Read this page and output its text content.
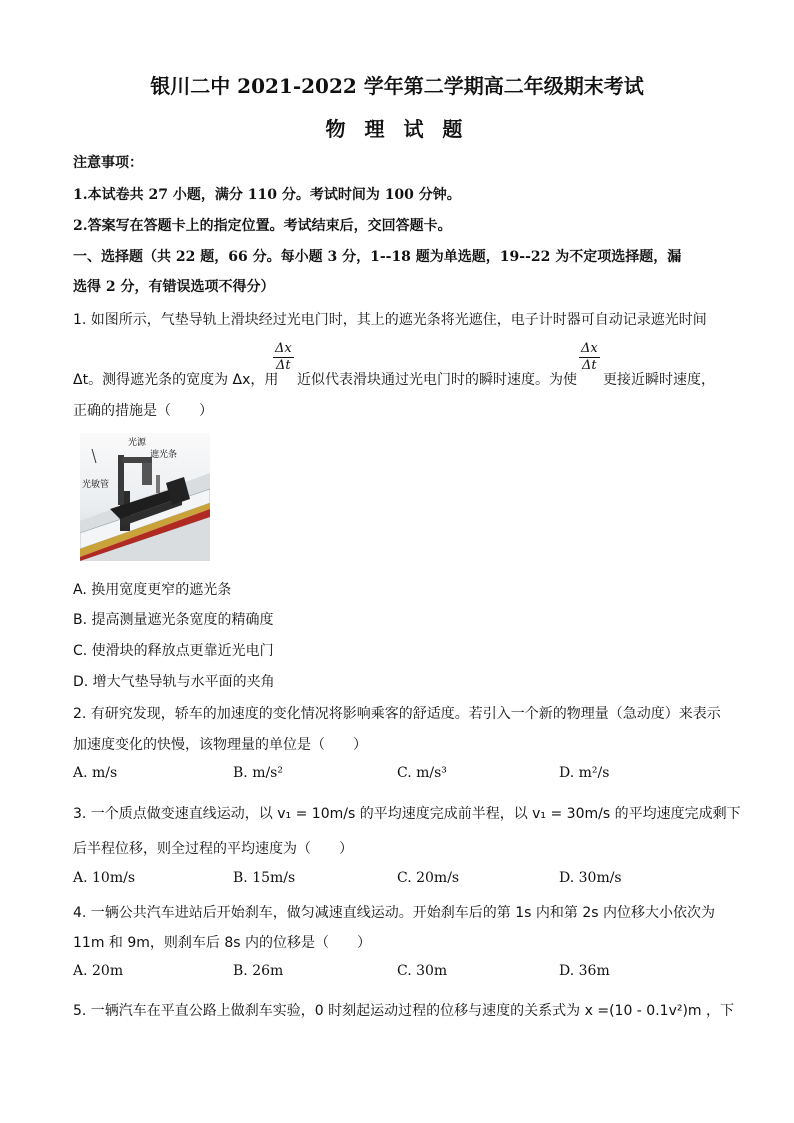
银川二中 2021-2022 学年第二学期高二年级期末考试
物 理 试 题
注意事项：
1.本试卷共 27 小题，满分 110 分。考试时间为 100 分钟。
2.答案写在答题卡上的指定位置。考试结束后，交回答题卡。
一、选择题（共 22 题，66 分。每小题 3 分，1--18 题为单选题，19--22 为不定项选择题，漏
选得 2 分，有错误选项不得分）
1. 如图所示，气垫导轨上滑块经过光电门时，其上的遮光条将光遮住，电子计时器可自动记录遮光时间
Δt。测得遮光条的宽度为 Δx，用
$\frac{\Delta x}{\Delta t}$
近似代表滑块通过光电门时的瞬时速度。为使
$\frac{\Delta x}{\Delta t}$
更接近瞬时速度，
正确的措施是（　　）
光源
遮光条
光敏管
A. 换用宽度更窄的遮光条
B. 提高测量遮光条宽度的精确度
C. 使滑块的释放点更靠近光电门
D. 增大气垫导轨与水平面的夹角
2. 有研究发现，轿车的加速度的变化情况将影响乘客的舒适度。若引入一个新的物理量（急动度）来表示
加速度变化的快慢，该物理量的单位是（　　）
A. m/s	B. m/s²	C. m/s³	D. m²/s
3. 一个质点做变速直线运动，以 v₁ = 10m/s 的平均速度完成前半程，以 v₁ = 30m/s 的平均速度完成剩下
后半程位移，则全过程的平均速度为（　　）
A. 10m/s	B. 15m/s	C. 20m/s	D. 30m/s
4. 一辆公共汽车进站后开始刹车，做匀减速直线运动。开始刹车后的第 1s 内和第 2s 内位移大小依次为
11m 和 9m，则刹车后 8s 内的位移是（　　）
A. 20m	B. 26m	C. 30m	D. 36m
5. 一辆汽车在平直公路上做刹车实验，0 时刻起运动过程的位移与速度的关系式为 x =(10 - 0.1v²)m ，下
